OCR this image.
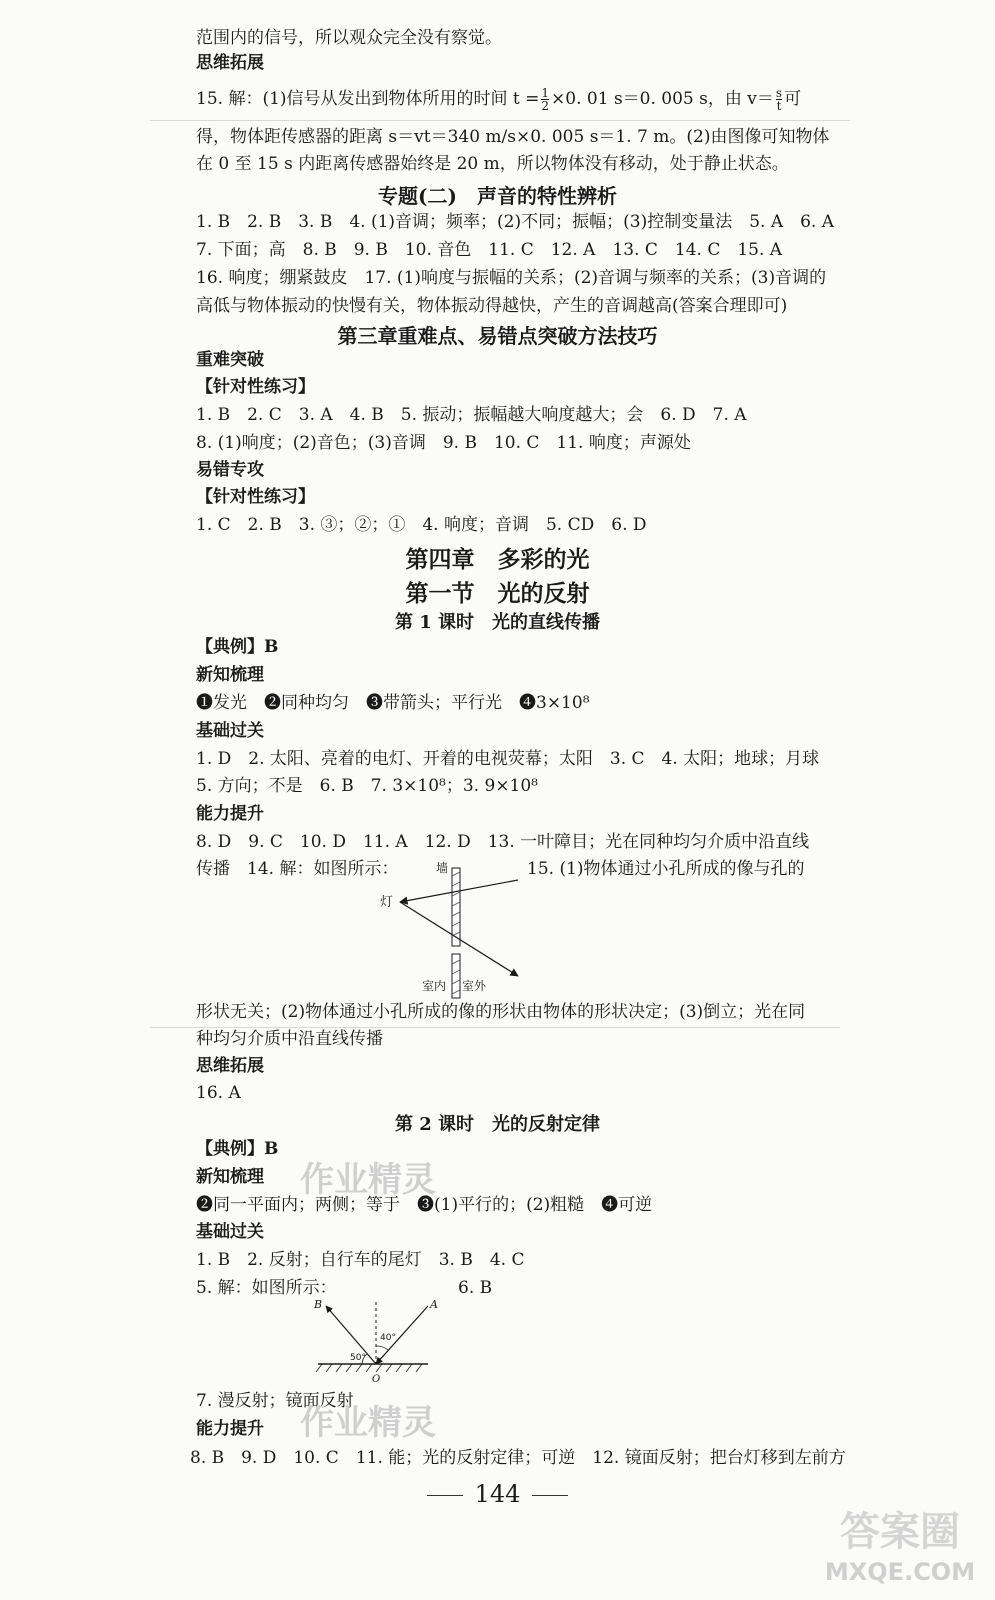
范围内的信号，所以观众完全没有察觉。
思维拓展
15. 解：(1)信号从发出到物体所用的时间 $t = \frac{1}{2} \times 0$. 01 s＝0. 005 s，由 $v= \frac{s}{t}$ 可
得，物体距传感器的距离 s＝vt＝340 m/s×0. 005 s＝1. 7 m。(2)由图像可知物体
在 0 至 15 s 内距离传感器始终是 20 m，所以物体没有移动，处于静止状态。
专题(二)　声音的特性辨析
1. B　2. B　3. B　4. (1)音调；频率；(2)不同；振幅；(3)控制变量法　5. A　6. A
7. 下面；高　8. B　9. B　10. 音色　11. C　12. A　13. C　14. C　15. A
16. 响度；绷紧鼓皮　17. (1)响度与振幅的关系；(2)音调与频率的关系；(3)音调的
高低与物体振动的快慢有关，物体振动得越快，产生的音调越高(答案合理即可)
第三章重难点、易错点突破方法技巧
重难突破
【针对性练习】
1. B　2. C　3. A　4. B　5. 振动；振幅越大响度越大；会　6. D　7. A
8. (1)响度；(2)音色；(3)音调　9. B　10. C　11. 响度；声源处
易错专攻
【针对性练习】
1. C　2. B　3. ③；②；①　4. 响度；音调　5. CD　6. D
第四章　多彩的光
第一节　光的反射
第 1 课时　光的直线传播
【典例】B
新知梳理
❶发光　❷同种均匀　❸带箭头；平行光　❹3×10⁸
基础过关
1. D　2. 太阳、亮着的电灯、开着的电视荧幕；太阳　3. C　4. 太阳；地球；月球
5. 方向；不是　6. B　7. 3×10⁸；3. 9×10⁸
能力提升
8. D　9. C　10. D　11. A　12. D　13. 一叶障目；光在同种均匀介质中沿直线
传播　14. 解：如图所示：	15. (1)物体通过小孔所成的像与孔的
墙
灯
室内 室外
形状无关；(2)物体通过小孔所成的像的形状由物体的形状决定；(3)倒立；光在同
种均匀介质中沿直线传播
思维拓展
16. A
第 2 课时　光的反射定律
【典例】B
新知梳理
❷同一平面内；两侧；等于　❸(1)平行的；(2)粗糙　❹可逆
基础过关
1. B　2. 反射；自行车的尾灯　3. B　4. C
5. 解：如图所示：	6. B
B	A
O
40°
50°
7. 漫反射；镜面反射
能力提升
8. B　9. D　10. C　11. 能；光的反射定律；可逆　12. 镜面反射；把台灯移到左前方
作业精灵
作业精灵
144
答案圈
MXQE.COM
